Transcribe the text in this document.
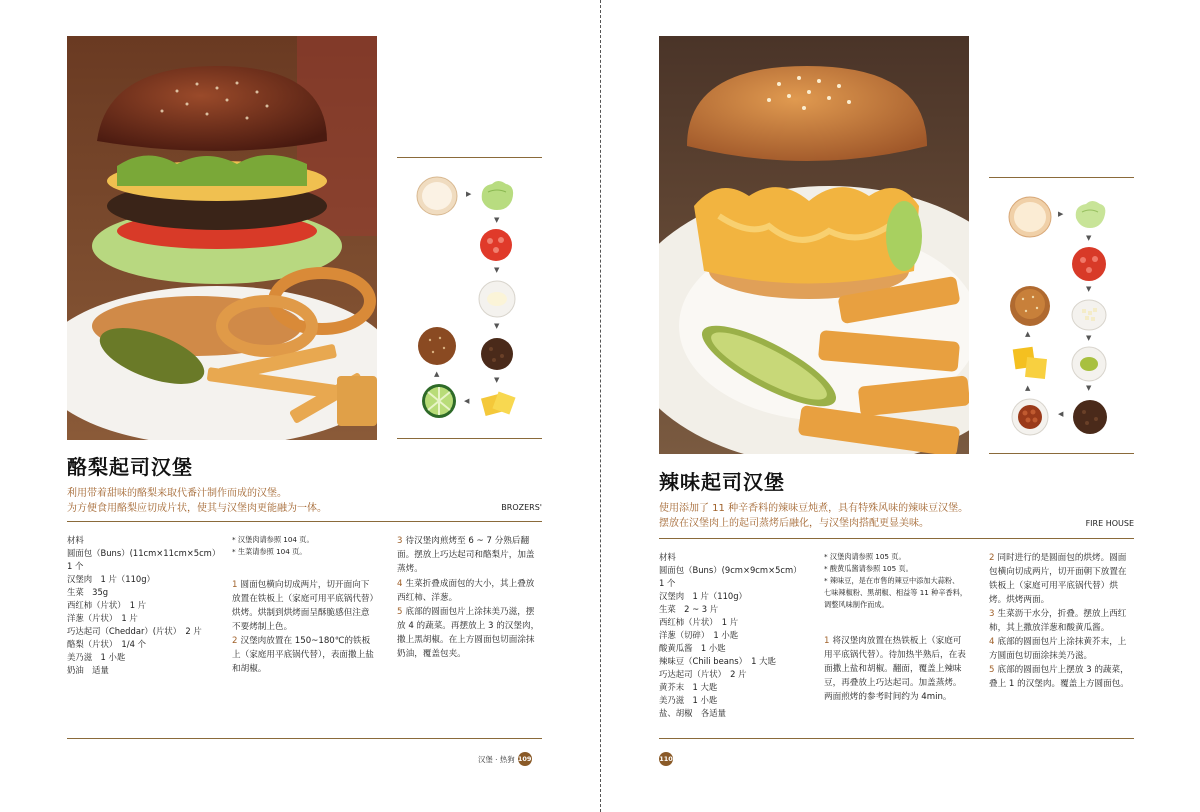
▶
▼
▼
▼
▼
◀
▲
酪梨起司汉堡
利用带着甜味的酪梨来取代番汁制作而成的汉堡。
为方便食用酪梨应切成片状，使其与汉堡肉更能融为一体。	BROZERS'
材料
圆面包（Buns）(11cm×11cm×5cm）
1 个
汉堡肉　1 片（110g）
生菜　35g
西红柿（片状）　1 片
洋葱（片状）　1 片
巧达起司（Cheddar）(片状）　2 片
酪梨（片状）　1/4 个
美乃滋　1 小匙
奶油　适量
* 汉堡肉请参照 104 页。
* 生菜请参照 104 页。
1 圆面包横向切成两片，切开面向下放置在铁板上（家庭可用平底锅代替）烘烤。烘制到烘烤面呈酥脆感但注意不要烤制上色。
2 汉堡肉放置在 150~180℃的铁板上（家庭用平底锅代替），表面撒上盐和胡椒。
3 待汉堡肉煎烤至 6 ~ 7 分熟后翻面。摆放上巧达起司和酪梨片，加盖蒸烤。
4 生菜折叠成面包的大小，其上叠放西红柿、洋葱。
5 底部的圆面包片上涂抹美乃滋，摆放 4 的蔬菜。再摆放上 3 的汉堡肉，撒上黑胡椒。在上方圆面包切面涂抹奶油，覆盖包夹。
汉堡 · 热狗 109
▶
▼
▼
▼
▼
◀
▲
▲
辣味起司汉堡
使用添加了 11 种辛香料的辣味豆炖煮，具有特殊风味的辣味豆汉堡。
摆放在汉堡肉上的起司蒸烤后融化，与汉堡肉搭配更显美味。	FIRE HOUSE
材料
圆面包（Buns）(9cm×9cm×5cm）
1 个
汉堡肉　1 片（110g）
生菜　2 ~ 3 片
西红柿（片状）　1 片
洋葱（切碎）　1 小匙
酸黄瓜酱　1 小匙
辣味豆（Chili beans）　1 大匙
巧达起司（片状）　2 片
黄芥末　1 大匙
美乃滋　1 小匙
盐、胡椒　各适量
* 汉堡肉请参照 105 页。
* 酸黄瓜酱请参照 105 页。
* 辣味豆，是在市售的辣豆中添加大蒜粉、
七味辣椒粉、黑胡椒、相益等 11 种辛香料，
调整风味制作而成。
1 将汉堡肉放置在热铁板上（家庭可用平底锅代替）。待加热半熟后，在表面撒上盐和胡椒。翻面，覆盖上辣味豆，再叠放上巧达起司。加盖蒸烤。两面煎烤的参考时间约为 4min。
2 同时进行的是圆面包的烘烤。圆面包横向切成两片，切开面朝下放置在铁板上（家庭可用平底锅代替）烘烤。烘烤两面。
3 生菜沥干水分，折叠。摆放上西红柿，其上撒放洋葱和酸黄瓜酱。
4 底部的圆面包片上涂抹黄芥末，上方圆面包切面涂抹美乃滋。
5 底部的圆面包片上摆放 3 的蔬菜，叠上 1 的汉堡肉。覆盖上方圆面包。
110
